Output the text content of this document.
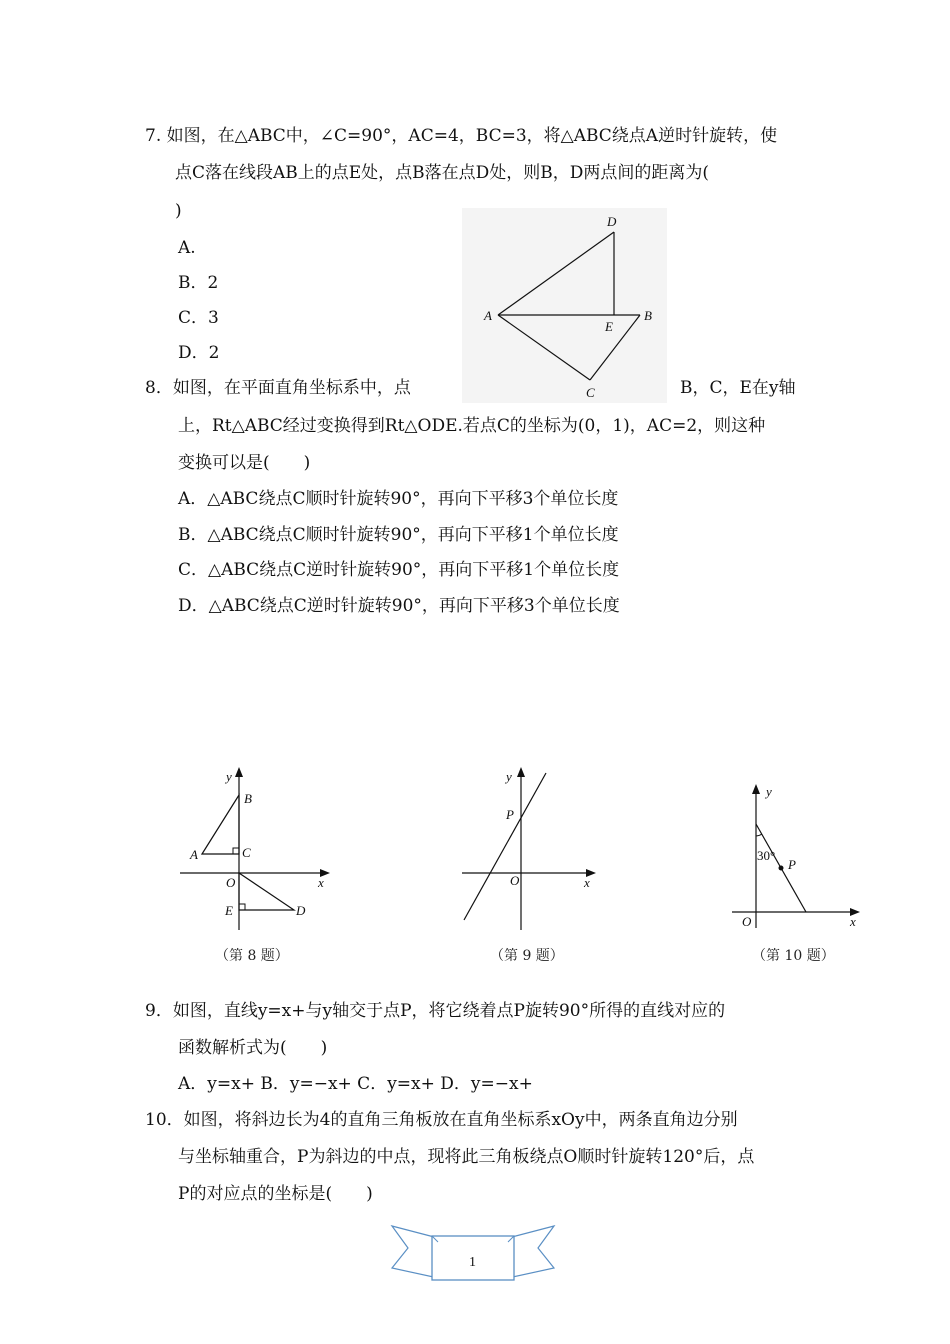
7. 如图，在△ABC中，∠C=90°，AC=4，BC=3，将△ABC绕点A逆时针旋转，使
点C落在线段AB上的点E处，点B落在点D处，则B，D两点间的距离为(
)
A.
B．2
C．3
D．2
D
A
E
B
C
8．如图，在平面直角坐标系中，点	B，C，E在y轴
上，Rt△ABC经过变换得到Rt△ODE.若点C的坐标为(0，1)，AC=2，则这种
变换可以是(　　)
A．△ABC绕点C顺时针旋转90°，再向下平移3个单位长度
B．△ABC绕点C顺时针旋转90°，再向下平移1个单位长度
C．△ABC绕点C逆时针旋转90°，再向下平移1个单位长度
D．△ABC绕点C逆时针旋转90°，再向下平移3个单位长度
y
B
A	C
O	x
E	D
（第 8 题）
y
P
O	x
（第 9 题）
y
30°
P
O	x
（第 10 题）
9．如图，直线y=x+与y轴交于点P，将它绕着点P旋转90°所得的直线对应的
函数解析式为(　　)
A．y=x+ B．y=−x+ C．y=x+ D．y=−x+
10．如图，将斜边长为4的直角三角板放在直角坐标系xOy中，两条直角边分别
与坐标轴重合，P为斜边的中点，现将此三角板绕点O顺时针旋转120°后，点
P的对应点的坐标是(　　)
1
